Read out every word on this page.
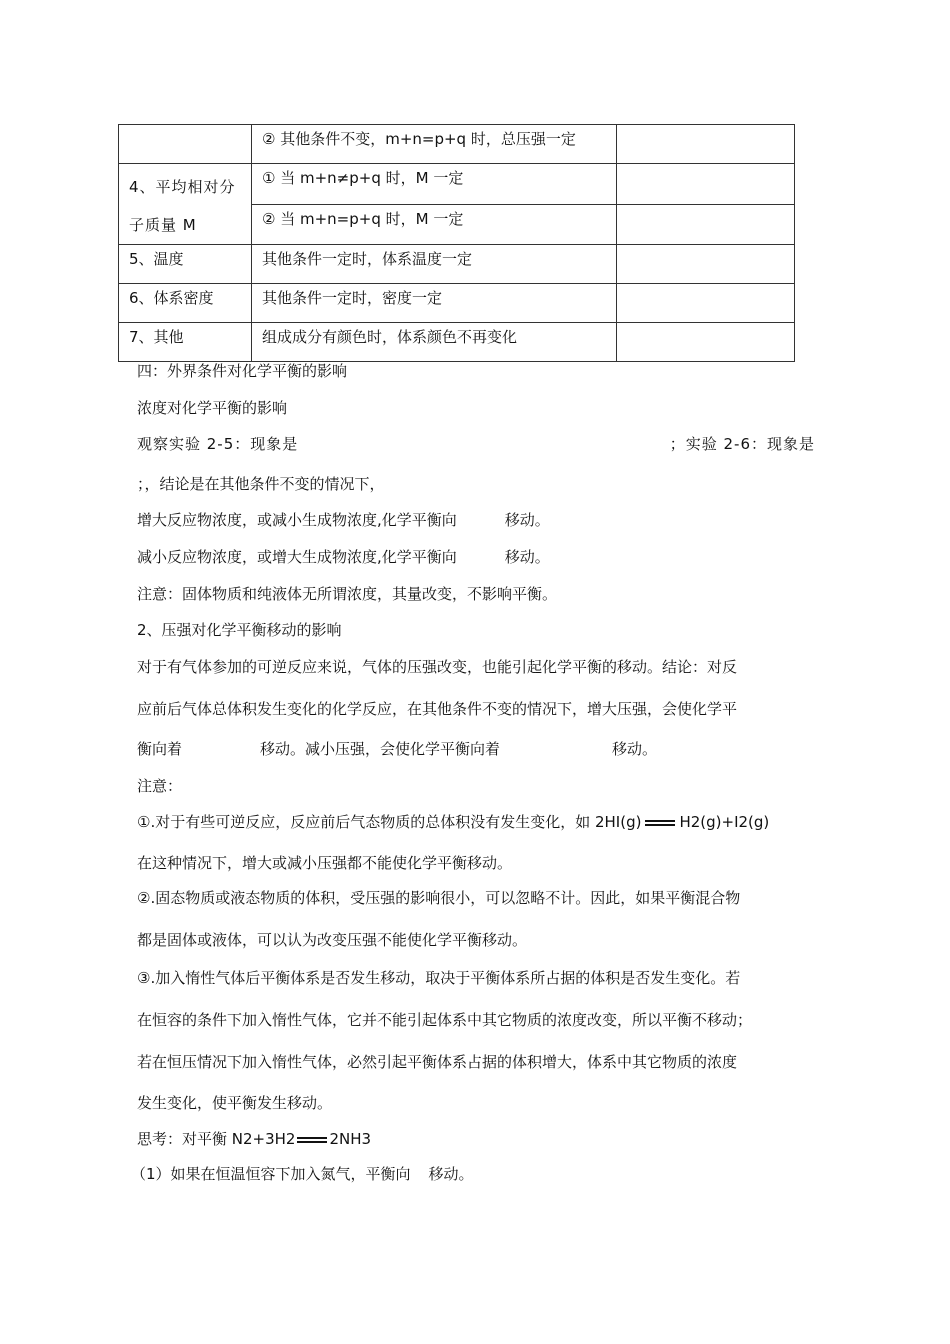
	② 其他条件不变，m+n=p+q 时，总压强一定	
4、平均相对分子质量 M	① 当 m+n≠p+q 时，M 一定	
	② 当 m+n=p+q 时，M 一定	
5、温度	其他条件一定时，体系温度一定	
6、体系密度	其他条件一定时，密度一定	
7、其他	组成成分有颜色时，体系颜色不再变化	
四：外界条件对化学平衡的影响
浓度对化学平衡的影响
观察实验 2-5：现象是	；实验 2-6：现象是
；，结论是在其他条件不变的情况下，
增大反应物浓度，或减小生成物浓度,化学平衡向	移动。
减小反应物浓度，或增大生成物浓度,化学平衡向	移动。
注意：固体物质和纯液体无所谓浓度，其量改变，不影响平衡。
2、压强对化学平衡移动的影响
对于有气体参加的可逆反应来说，气体的压强改变，也能引起化学平衡的移动。结论：对反
应前后气体总体积发生变化的化学反应，在其他条件不变的情况下，增大压强，会使化学平
衡向着	移动。减小压强，会使化学平衡向着	移动。
注意：
①.对于有些可逆反应，反应前后气态物质的总体积没有发生变化，如 2HI(g)	H2(g)+I2(g)
在这种情况下，增大或减小压强都不能使化学平衡移动。
②.固态物质或液态物质的体积，受压强的影响很小，可以忽略不计。因此，如果平衡混合物
都是固体或液体，可以认为改变压强不能使化学平衡移动。
③.加入惰性气体后平衡体系是否发生移动，取决于平衡体系所占据的体积是否发生变化。若
在恒容的条件下加入惰性气体，它并不能引起体系中其它物质的浓度改变，所以平衡不移动；
若在恒压情况下加入惰性气体，必然引起平衡体系占据的体积增大，体系中其它物质的浓度
发生变化，使平衡发生移动。
思考：对平衡 N2+3H2 2NH3
（1）如果在恒温恒容下加入氮气，平衡向 移动。
